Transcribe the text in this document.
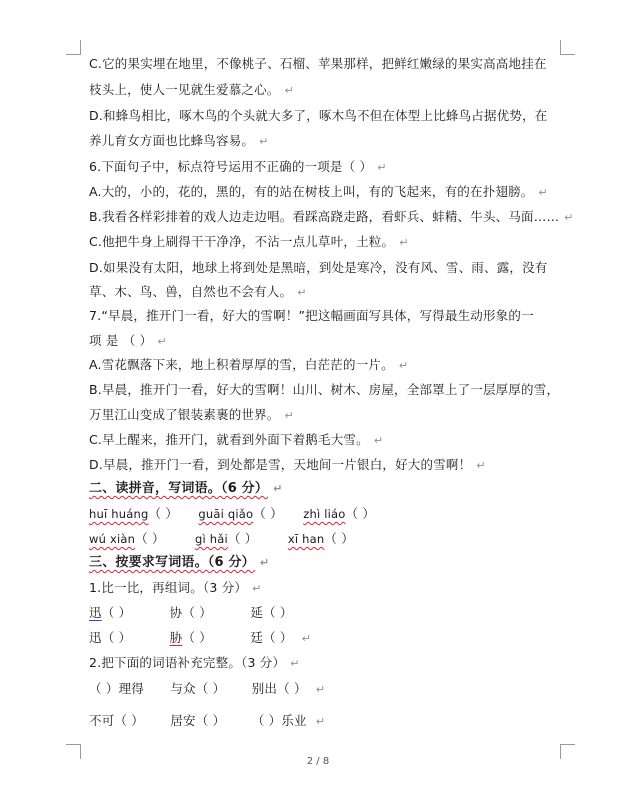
C.它的果实埋在地里，不像桃子、石榴、苹果那样，把鲜红嫩绿的果实高高地挂在
枝头上，使人一见就生爱慕之心。 ↵
D.和蜂鸟相比，啄木鸟的个头就大多了，啄木鸟不但在体型上比蜂鸟占据优势，在
养儿育女方面也比蜂鸟容易。 ↵
6.下面句子中，标点符号运用不正确的一项是（ ） ↵
A.大的，小的，花的，黑的，有的站在树枝上叫，有的飞起来，有的在扑翅膀。 ↵
B.我看各样彩排着的戏人边走边唱。看踩高跷走路，看虾兵、蚌精、牛头、马面…… ↵
C.他把牛身上刷得干干净净，不沾一点儿草叶，土粒。 ↵
D.如果没有太阳，地球上将到处是黑暗，到处是寒冷，没有风、雪、雨、露，没有
草、木、鸟、兽，自然也不会有人。 ↵
7.“早晨，推开门一看，好大的雪啊！”把这幅画面写具体，写得最生动形象的一
项 是 （ ） ↵
A.雪花飘落下来，地上积着厚厚的雪，白茫茫的一片。 ↵
B.早晨，推开门一看，好大的雪啊！山川、树木、房屋，全部罩上了一层厚厚的雪，
万里江山变成了银装素裹的世界。 ↵
C.早上醒来，推开门，就看到外面下着鹅毛大雪。 ↵
D.早晨，推开门一看，到处都是雪，天地间一片银白，好大的雪啊！ ↵
二、读拼音，写词语。（6 分） ↵
huī huáng（ ） guāi qiǎo（ ） zhì liáo（ ）
wú xiàn（ ）	gì hǎi（ ）	xī han（ ）
三、按要求写词语。（6 分） ↵
1.比一比，再组词。（3 分） ↵
迅（ ）	协（ ）	延（ ）
迅（ ）	胁（ ）	廷（ ） ↵
2.把下面的词语补充完整。（3 分） ↵
（ ）理得 与众（ ） 别出（ ） ↵
不可（ ） 居安（ ） （ ）乐业 ↵
2 / 8
